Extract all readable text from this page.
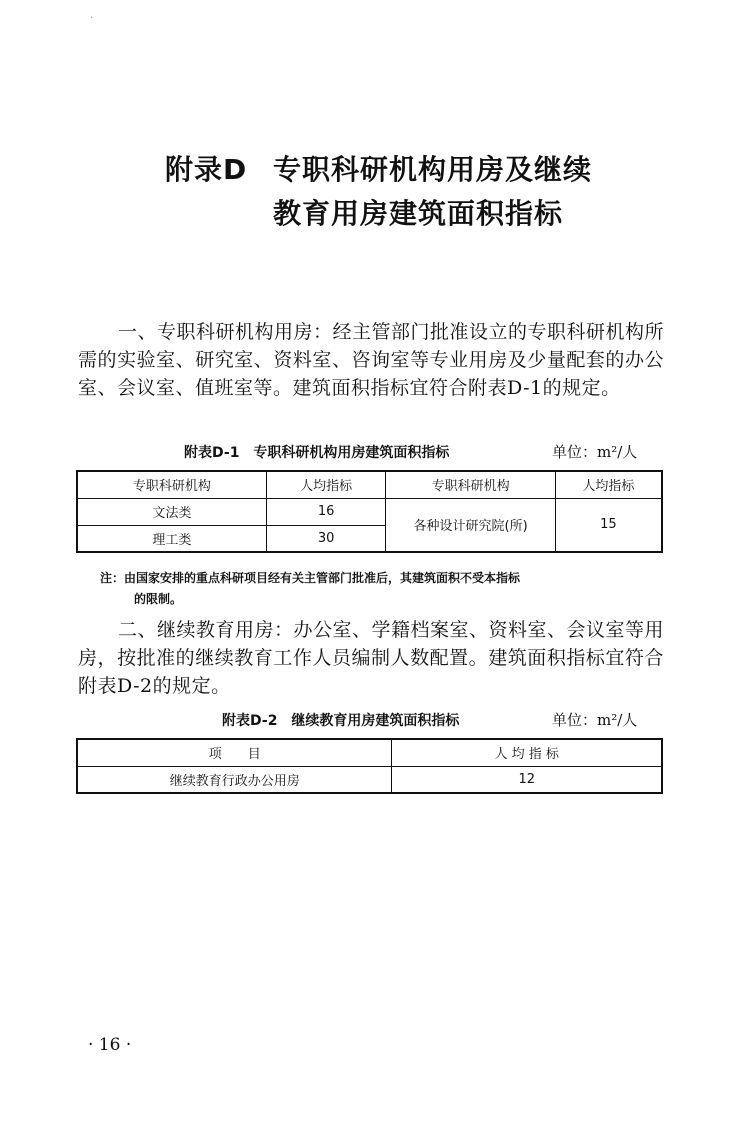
.
附录D 专职科研机构用房及继续
教育用房建筑面积指标
一、专职科研机构用房：经主管部门批准设立的专职科研机构所需的实验室、研究室、资料室、咨询室等专业用房及少量配套的办公室、会议室、值班室等。建筑面积指标宜符合附表D-1的规定。
附表D-1　专职科研机构用房建筑面积指标	单位：m²/人
专职科研机构	人均指标	专职科研机构	人均指标
文法类	16	各种设计研究院(所)	15
理工类	30		
注：由国家安排的重点科研项目经有关主管部门批准后，其建筑面积不受本指标
的限制。
二、继续教育用房：办公室、学籍档案室、资料室、会议室等用房，按批准的继续教育工作人员编制人数配置。建筑面积指标宜符合附表D-2的规定。
附表D-2　继续教育用房建筑面积指标	单位：m²/人
项　　目	人 均 指 标
继续教育行政办公用房	12
· 16 ·
